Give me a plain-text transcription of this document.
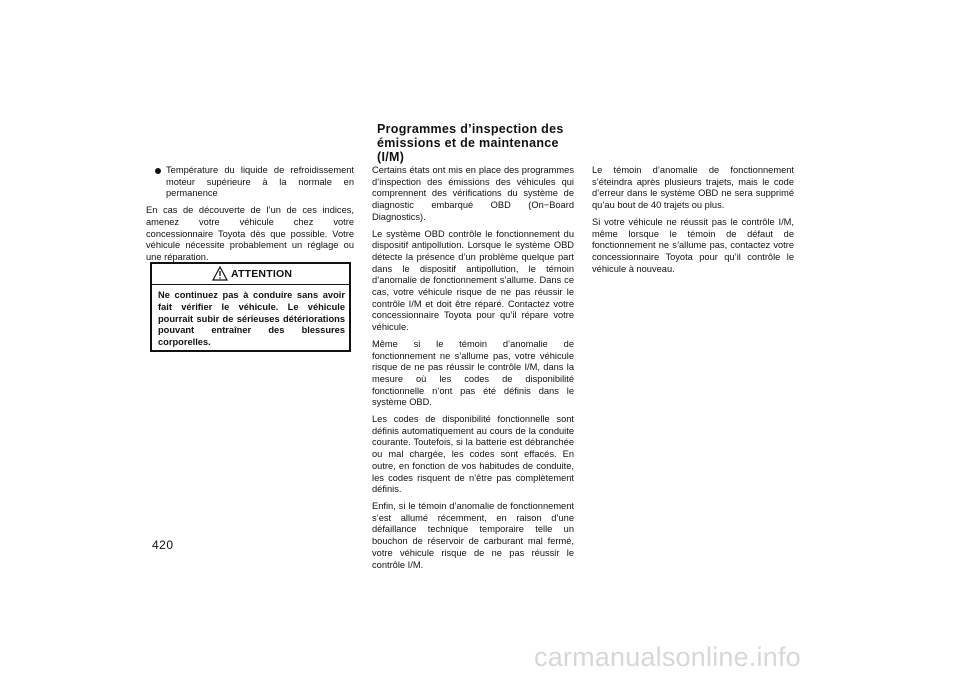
Température du liquide de refroidissement moteur supérieure à la normale en permanence

En cas de découverte de l’un de ces indices, amenez votre véhicule chez votre concessionnaire Toyota dès que possible. Votre véhicule nécessite probablement un réglage ou une réparation.

ATTENTION
Ne continuez pas à conduire sans avoir fait vérifier le véhicule. Le véhicule pourrait subir de sérieuses détériorations pouvant entraîner des blessures corporelles.
Programmes d’inspection des émissions et de maintenance (I/M)

Certains états ont mis en place des programmes d’inspection des émissions des véhicules qui comprennent des vérifications du système de diagnostic embarqué OBD (On−Board Diagnostics).

Le système OBD contrôle le fonctionnement du dispositif antipollution. Lorsque le système OBD détecte la présence d’un problème quelque part dans le dispositif antipollution, le témoin d’anomalie de fonctionnement s’allume. Dans ce cas, votre véhicule risque de ne pas réussir le contrôle I/M et doit être réparé. Contactez votre concessionnaire Toyota pour qu’il répare votre véhicule.

Même si le témoin d’anomalie de fonctionnement ne s’allume pas, votre véhicule risque de ne pas réussir le contrôle I/M, dans la mesure où les codes de disponibilité fonctionnelle n’ont pas été définis dans le système OBD.

Les codes de disponibilité fonctionnelle sont définis automatiquement au cours de la conduite courante. Toutefois, si la batterie est débranchée ou mal chargée, les codes sont effacés. En outre, en fonction de vos habitudes de conduite, les codes risquent de n’être pas complètement définis.

Enfin, si le témoin d’anomalie de fonctionnement s’est allumé récemment, en raison d’une défaillance technique temporaire telle un bouchon de réservoir de carburant mal fermé, votre véhicule risque de ne pas réussir le contrôle I/M.

Le témoin d’anomalie de fonctionnement s’éteindra après plusieurs trajets, mais le code d’erreur dans le système OBD ne sera supprimé qu’au bout de 40 trajets ou plus.

Si votre véhicule ne réussit pas le contrôle I/M, même lorsque le témoin de défaut de fonctionnement ne s’allume pas, contactez votre concessionnaire Toyota pour qu’il contrôle le véhicule à nouveau.

420
carmanualsonline.info
